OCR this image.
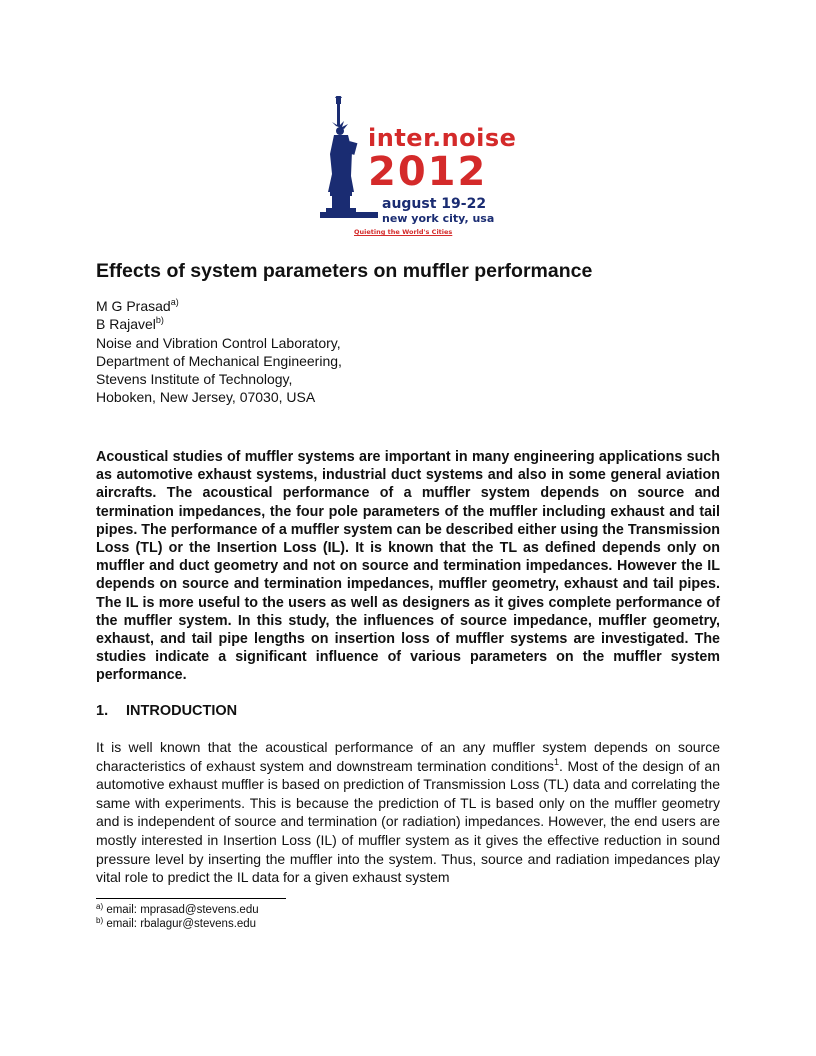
inter.noise
2012
august 19-22
new york city, usa
Quieting the World's Cities
Effects of system parameters on muffler performance
M G Prasad$^{a)}$
B Rajavel$^{b)}$
Noise and Vibration Control Laboratory,
Department of Mechanical Engineering,
Stevens Institute of Technology,
Hoboken, New Jersey, 07030, USA

Acoustical studies of muffler systems are important in many engineering applications such as automotive exhaust systems, industrial duct systems and also in some general aviation aircrafts. The acoustical performance of a muffler system depends on source and termination impedances, the four pole parameters of the muffler including exhaust and tail pipes. The performance of a muffler system can be described either using the Transmission Loss (TL) or the Insertion Loss (IL). It is known that the TL as defined depends only on muffler and duct geometry and not on source and termination impedances. However the IL depends on source and termination impedances, muffler geometry, exhaust and tail pipes. The IL is more useful to the users as well as designers as it gives complete performance of the muffler system. In this study, the influences of source impedance, muffler geometry, exhaust, and tail pipe lengths on insertion loss of muffler systems are investigated. The studies indicate a significant influence of various parameters on the muffler system performance.

1. INTRODUCTION

It is well known that the acoustical performance of an any muffler system depends on source characteristics of exhaust system and downstream termination conditions$^1$. Most of the design of an automotive exhaust muffler is based on prediction of Transmission Loss (TL) data and correlating the same with experiments. This is because the prediction of TL is based only on the muffler geometry and is independent of source and termination (or radiation) impedances. However, the end users are mostly interested in Insertion Loss (IL) of muffler system as it gives the effective reduction in sound pressure level by inserting the muffler into the system. Thus, source and radiation impedances play vital role to predict the IL data for a given exhaust system

$^{a)}$ email: mprasad@stevens.edu
$^{b)}$ email: rbalagur@stevens.edu
